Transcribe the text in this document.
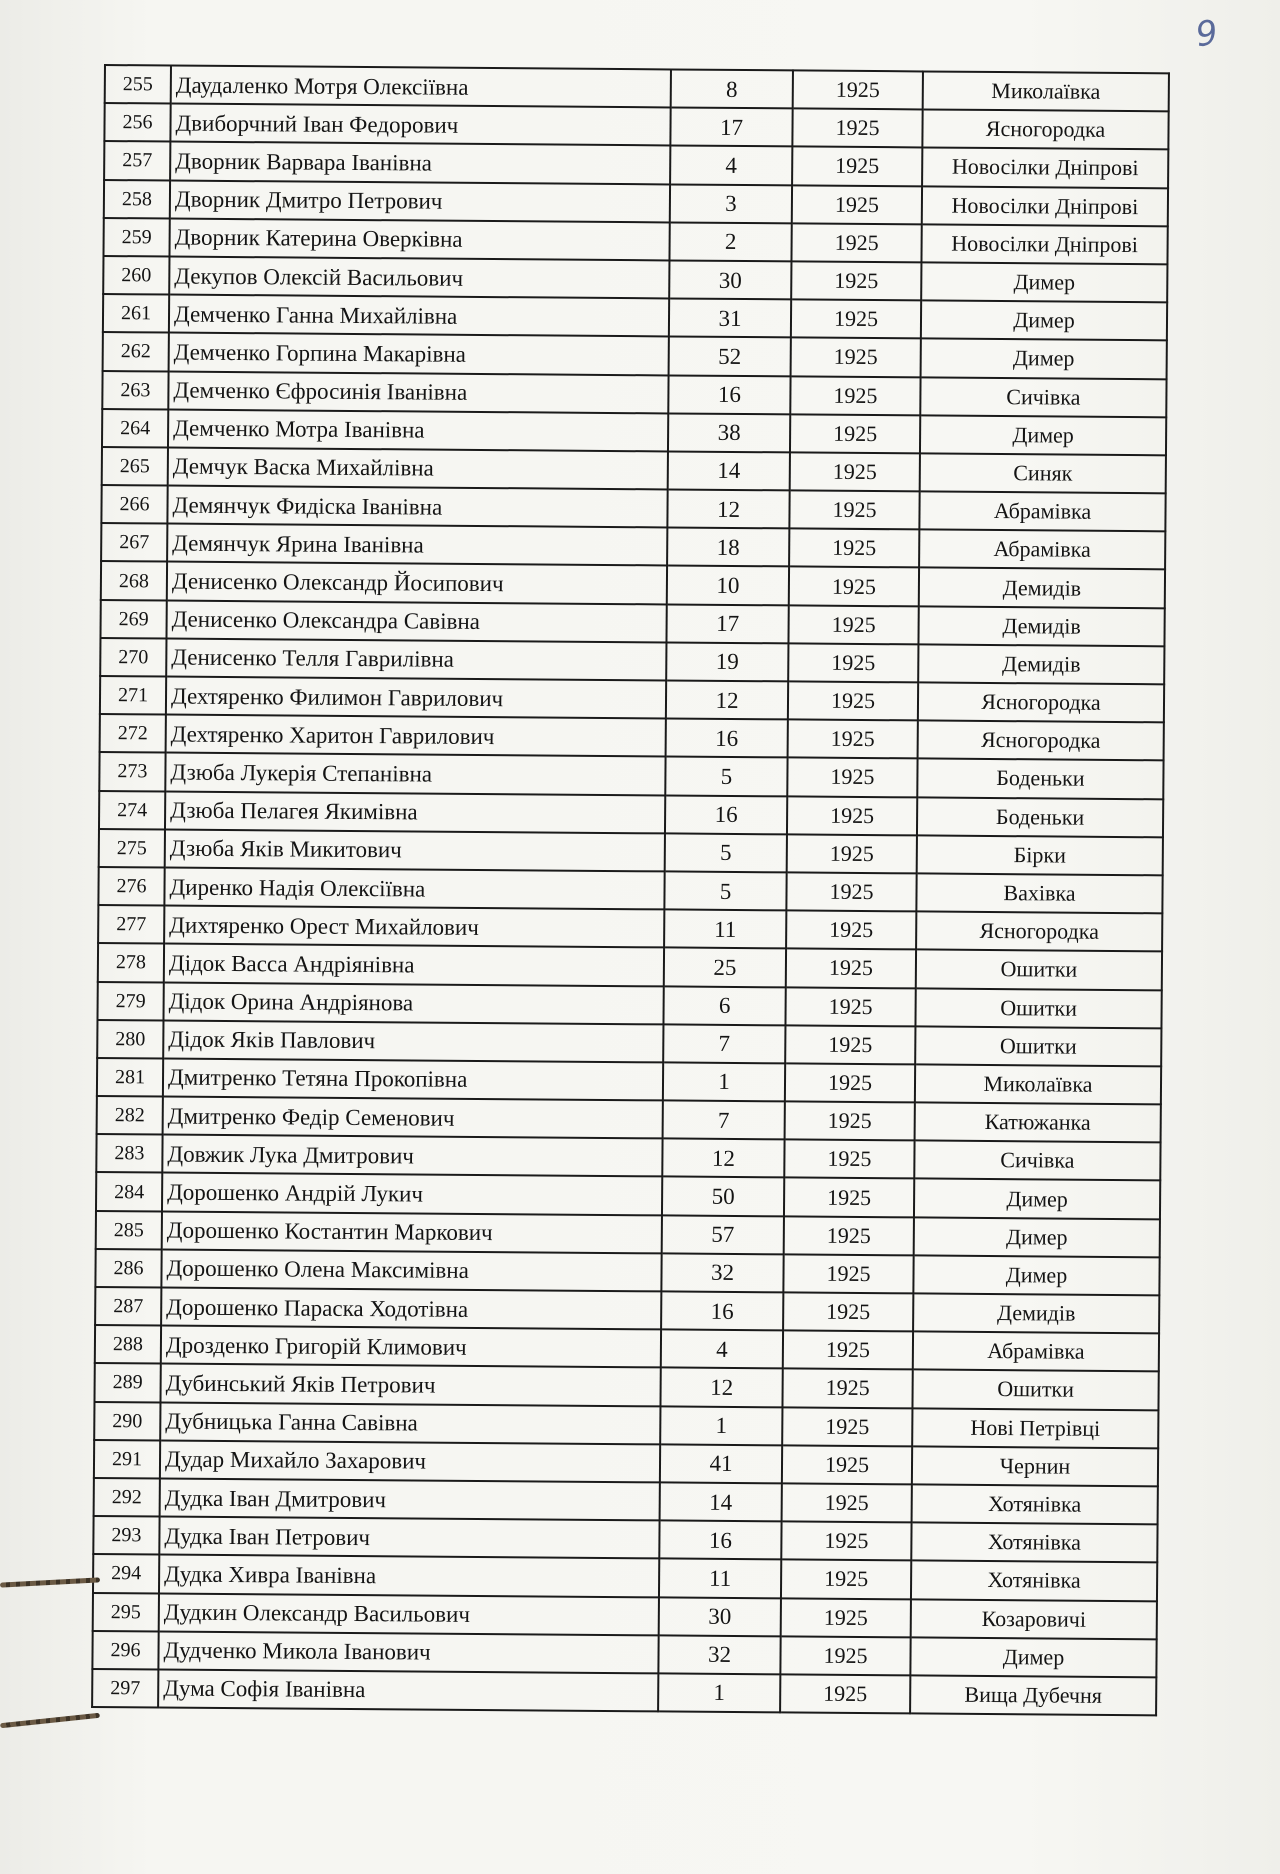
9
255	Даудаленко Мотря Олексіївна	8	1925	Миколаївка
256	Двиборчний Іван Федорович	17	1925	Ясногородка
257	Дворник Варвара Іванівна	4	1925	Новосілки Дніпрові
258	Дворник Дмитро Петрович	3	1925	Новосілки Дніпрові
259	Дворник Катерина Оверківна	2	1925	Новосілки Дніпрові
260	Декупов Олексій Васильович	30	1925	Димер
261	Демченко Ганна Михайлівна	31	1925	Димер
262	Демченко Горпина Макарівна	52	1925	Димер
263	Демченко Єфросинія Іванівна	16	1925	Сичівка
264	Демченко Мотра Іванівна	38	1925	Димер
265	Демчук Васка Михайлівна	14	1925	Синяк
266	Демянчук Фидіска Іванівна	12	1925	Абрамівка
267	Демянчук Ярина Іванівна	18	1925	Абрамівка
268	Денисенко Олександр Йосипович	10	1925	Демидів
269	Денисенко Олександра Савівна	17	1925	Демидів
270	Денисенко Телля Гаврилівна	19	1925	Демидів
271	Дехтяренко Филимон Гаврилович	12	1925	Ясногородка
272	Дехтяренко Харитон Гаврилович	16	1925	Ясногородка
273	Дзюба Лукерія Степанівна	5	1925	Боденьки
274	Дзюба Пелагея Якимівна	16	1925	Боденьки
275	Дзюба Яків Микитович	5	1925	Бірки
276	Диренко Надія Олексіївна	5	1925	Вахівка
277	Дихтяренко Орест Михайлович	11	1925	Ясногородка
278	Дідок Васса Андріянівна	25	1925	Ошитки
279	Дідок Орина Андріянова	6	1925	Ошитки
280	Дідок Яків Павлович	7	1925	Ошитки
281	Дмитренко Тетяна Прокопівна	1	1925	Миколаївка
282	Дмитренко Федір Семенович	7	1925	Катюжанка
283	Довжик Лука Дмитрович	12	1925	Сичівка
284	Дорошенко Андрій Лукич	50	1925	Димер
285	Дорошенко Костантин Маркович	57	1925	Димер
286	Дорошенко Олена Максимівна	32	1925	Димер
287	Дорошенко Параска Ходотівна	16	1925	Демидів
288	Дрозденко Григорій Климович	4	1925	Абрамівка
289	Дубинський Яків Петрович	12	1925	Ошитки
290	Дубницька Ганна Савівна	1	1925	Нові Петрівці
291	Дудар Михайло Захарович	41	1925	Чернин
292	Дудка Іван Дмитрович	14	1925	Хотянівка
293	Дудка Іван Петрович	16	1925	Хотянівка
294	Дудка Хивра Іванівна	11	1925	Хотянівка
295	Дудкин Олександр Васильович	30	1925	Козаровичі
296	Дудченко Микола Іванович	32	1925	Димер
297	Дума Софія Іванівна	1	1925	Вища Дубечня
